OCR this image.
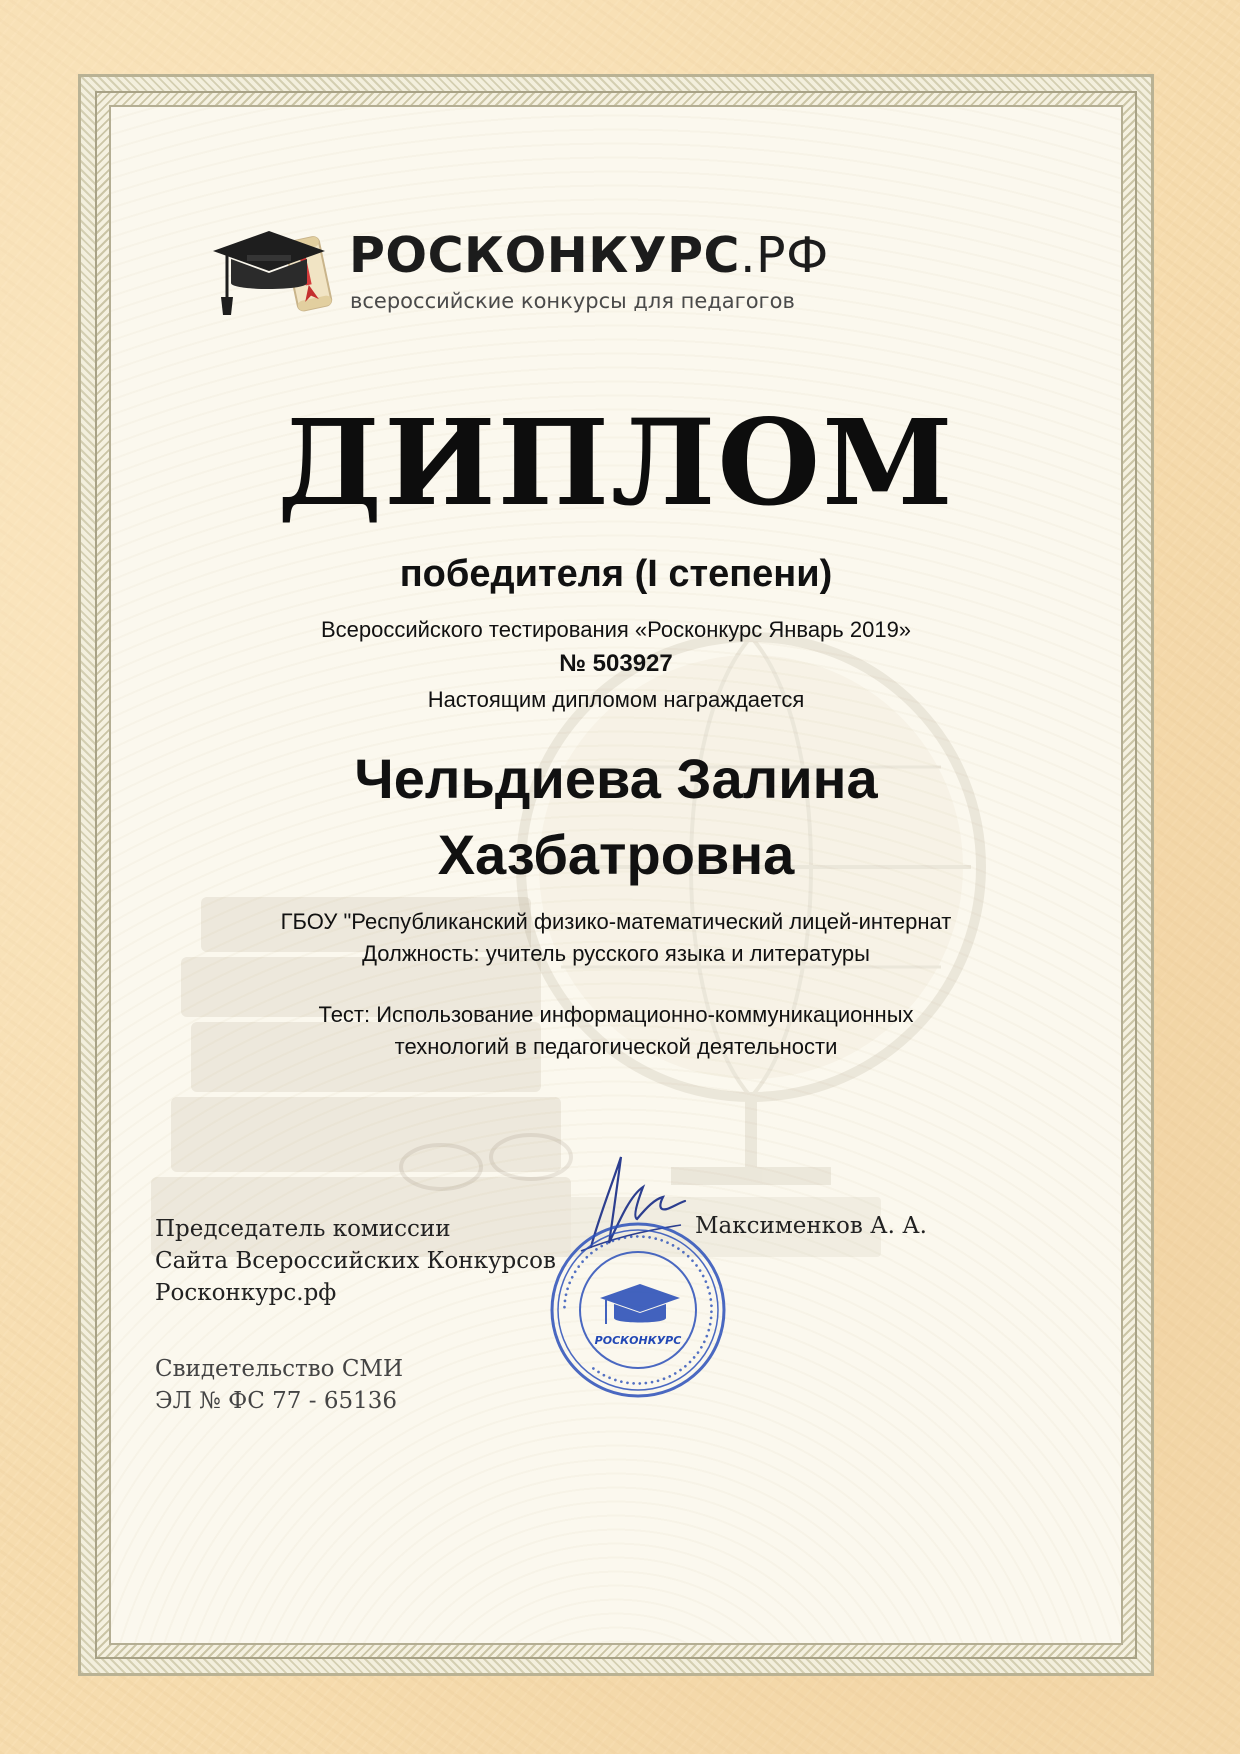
РОСКОНКУРС.РФ
всероссийские конкурсы для педагогов
ДИПЛОМ
победителя (I степени)
Всероссийского тестирования «Росконкурс Январь 2019»
№ 503927
Настоящим дипломом награждается
Чельдиева Залина
Хазбатровна
ГБОУ "Республиканский физико-математический лицей-интернат
Должность: учитель русского языка и литературы
Тест: Использование информационно-коммуникационных
технологий в педагогической деятельности
Председатель комиссии
Сайта Всероссийских Конкурсов
Росконкурс.рф
Свидетельство СМИ
ЭЛ № ФС 77 - 65136
Максименков А. А.
••••••••••••••••••••••••••••••••••••••••••••••••••••••••••••••••
РОСКОНКУРС
